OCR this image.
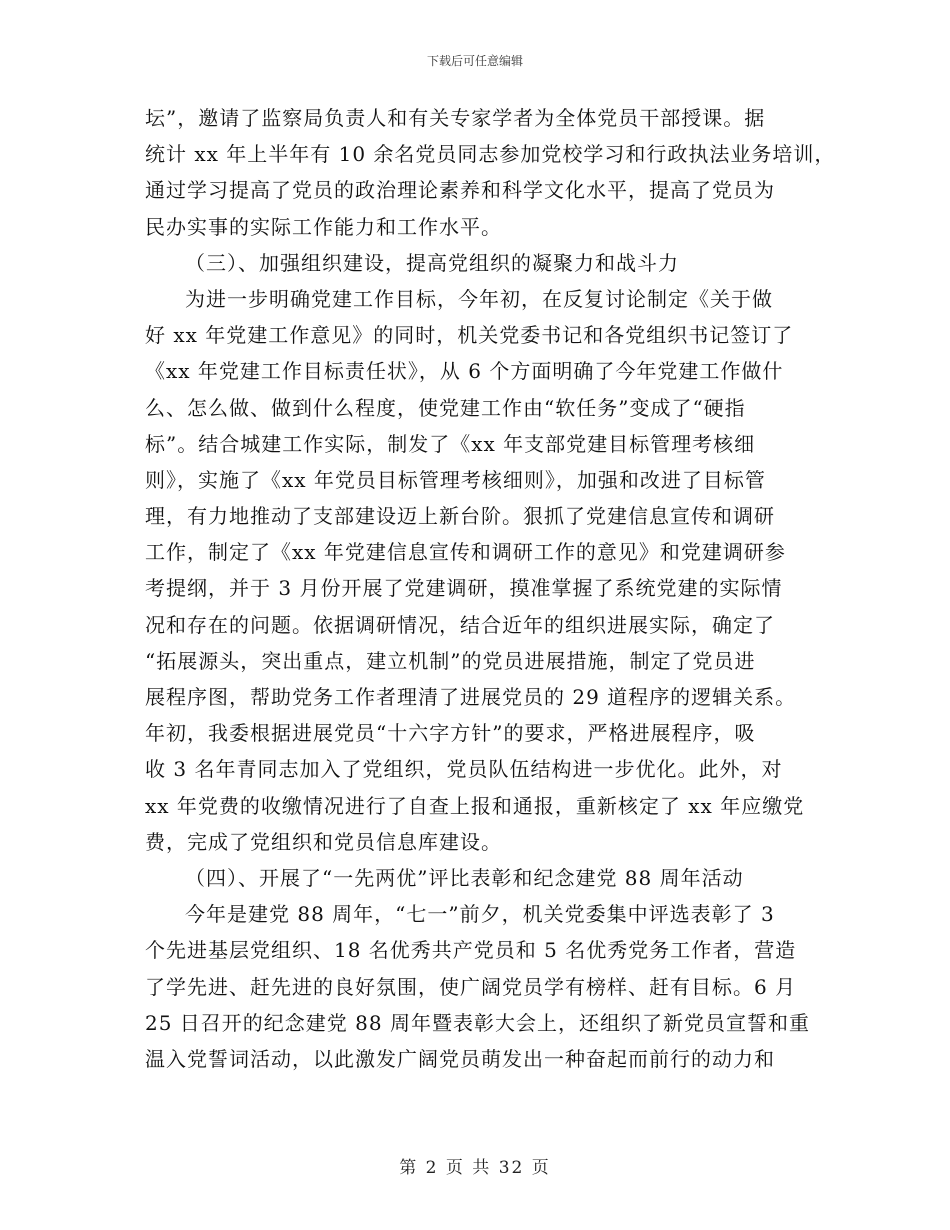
下载后可任意编辑
坛”，邀请了监察局负责人和有关专家学者为全体党员干部授课。据
统计 xx 年上半年有 10 余名党员同志参加党校学习和行政执法业务培训，
通过学习提高了党员的政治理论素养和科学文化水平，提高了党员为
民办实事的实际工作能力和工作水平。
（三）、加强组织建设，提高党组织的凝聚力和战斗力
为进一步明确党建工作目标，今年初，在反复讨论制定《关于做
好 xx 年党建工作意见》的同时，机关党委书记和各党组织书记签订了
《xx 年党建工作目标责任状》，从 6 个方面明确了今年党建工作做什
么、怎么做、做到什么程度，使党建工作由“软任务”变成了“硬指
标”。结合城建工作实际，制发了《xx 年支部党建目标管理考核细
则》，实施了《xx 年党员目标管理考核细则》，加强和改进了目标管
理，有力地推动了支部建设迈上新台阶。狠抓了党建信息宣传和调研
工作，制定了《xx 年党建信息宣传和调研工作的意见》和党建调研参
考提纲，并于 3 月份开展了党建调研，摸准掌握了系统党建的实际情
况和存在的问题。依据调研情况，结合近年的组织进展实际，确定了
“拓展源头，突出重点，建立机制”的党员进展措施，制定了党员进
展程序图，帮助党务工作者理清了进展党员的 29 道程序的逻辑关系。
年初，我委根据进展党员“十六字方针”的要求，严格进展程序，吸
收 3 名年青同志加入了党组织，党员队伍结构进一步优化。此外，对
xx 年党费的收缴情况进行了自查上报和通报，重新核定了 xx 年应缴党
费，完成了党组织和党员信息库建设。
（四）、开展了“一先两优”评比表彰和纪念建党 88 周年活动
今年是建党 88 周年，“七一”前夕，机关党委集中评选表彰了 3
个先进基层党组织、18 名优秀共产党员和 5 名优秀党务工作者，营造
了学先进、赶先进的良好氛围，使广阔党员学有榜样、赶有目标。6 月
25 日召开的纪念建党 88 周年暨表彰大会上，还组织了新党员宣誓和重
温入党誓词活动，以此激发广阔党员萌发出一种奋起而前行的动力和
第 2 页 共 32 页
